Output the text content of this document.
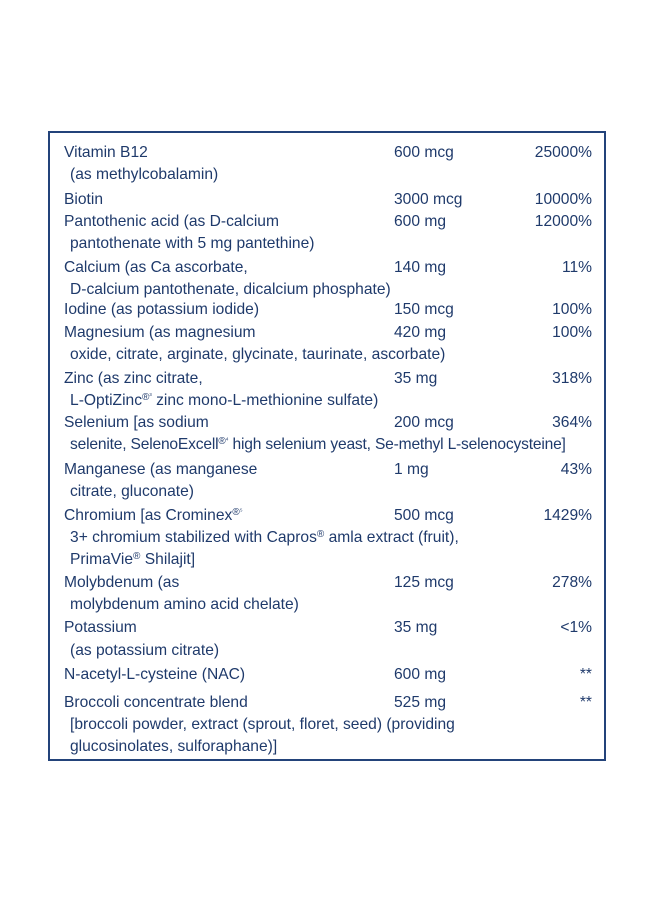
Vitamin B12	600 mcg	25000%
(as methylcobalamin)
Biotin	3000 mcg	10000%
Pantothenic acid (as D-calcium	600 mg	12000%
pantothenate with 5 mg pantethine)
Calcium (as Ca ascorbate,	140 mg	11%
D-calcium pantothenate, dicalcium phosphate)
Iodine (as potassium iodide)	150 mcg	100%
Magnesium (as magnesium	420 mg	100%
oxide, citrate, arginate, glycinate, taurinate, ascorbate)
Zinc (as zinc citrate,	35 mg	318%
L-OptiZinc$^{®^3}$ zinc mono-L-methionine sulfate)
Selenium [as sodium	200 mcg	364%
selenite, SelenoExcell$^{®^4}$ high selenium yeast, Se-methyl L-selenocysteine]
Manganese (as manganese	1 mg	43%
citrate, gluconate)
Chromium [as Crominex$^{®^5}$	500 mcg	1429%
3+ chromium stabilized with Capros® amla extract (fruit),
PrimaVie® Shilajit]
Molybdenum (as	125 mcg	278%
molybdenum amino acid chelate)
Potassium	35 mg	<1%
(as potassium citrate)
N-acetyl-L-cysteine (NAC)	600 mg	**
Broccoli concentrate blend	525 mg	**
[broccoli powder, extract (sprout, floret, seed) (providing
glucosinolates, sulforaphane)]
